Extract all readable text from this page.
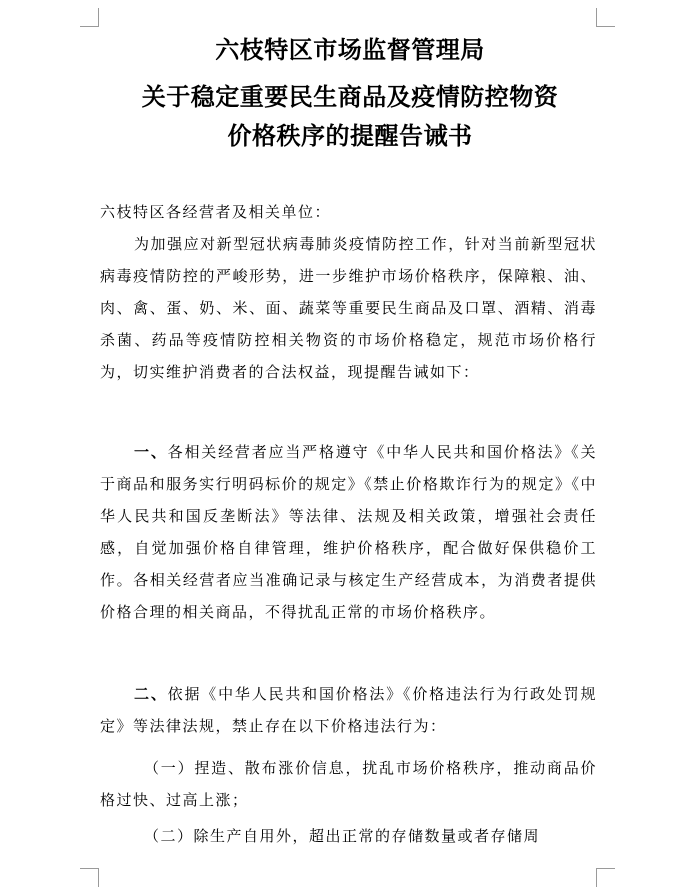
六枝特区市场监督管理局
关于稳定重要民生商品及疫情防控物资
价格秩序的提醒告诫书
六枝特区各经营者及相关单位：
为加强应对新型冠状病毒肺炎疫情防控工作，针对当前新型冠状病毒疫情防控的严峻形势，进一步维护市场价格秩序，保障粮、油、肉、禽、蛋、奶、米、面、蔬菜等重要民生商品及口罩、酒精、消毒杀菌、药品等疫情防控相关物资的市场价格稳定，规范市场价格行为，切实维护消费者的合法权益，现提醒告诫如下：
一、各相关经营者应当严格遵守《中华人民共和国价格法》《关于商品和服务实行明码标价的规定》《禁止价格欺诈行为的规定》《中华人民共和国反垄断法》等法律、法规及相关政策，增强社会责任感，自觉加强价格自律管理，维护价格秩序，配合做好保供稳价工作。各相关经营者应当准确记录与核定生产经营成本，为消费者提供价格合理的相关商品，不得扰乱正常的市场价格秩序。
二、依据《中华人民共和国价格法》《价格违法行为行政处罚规定》等法律法规，禁止存在以下价格违法行为：
（一）捏造、散布涨价信息，扰乱市场价格秩序，推动商品价格过快、过高上涨；
（二）除生产自用外，超出正常的存储数量或者存储周
